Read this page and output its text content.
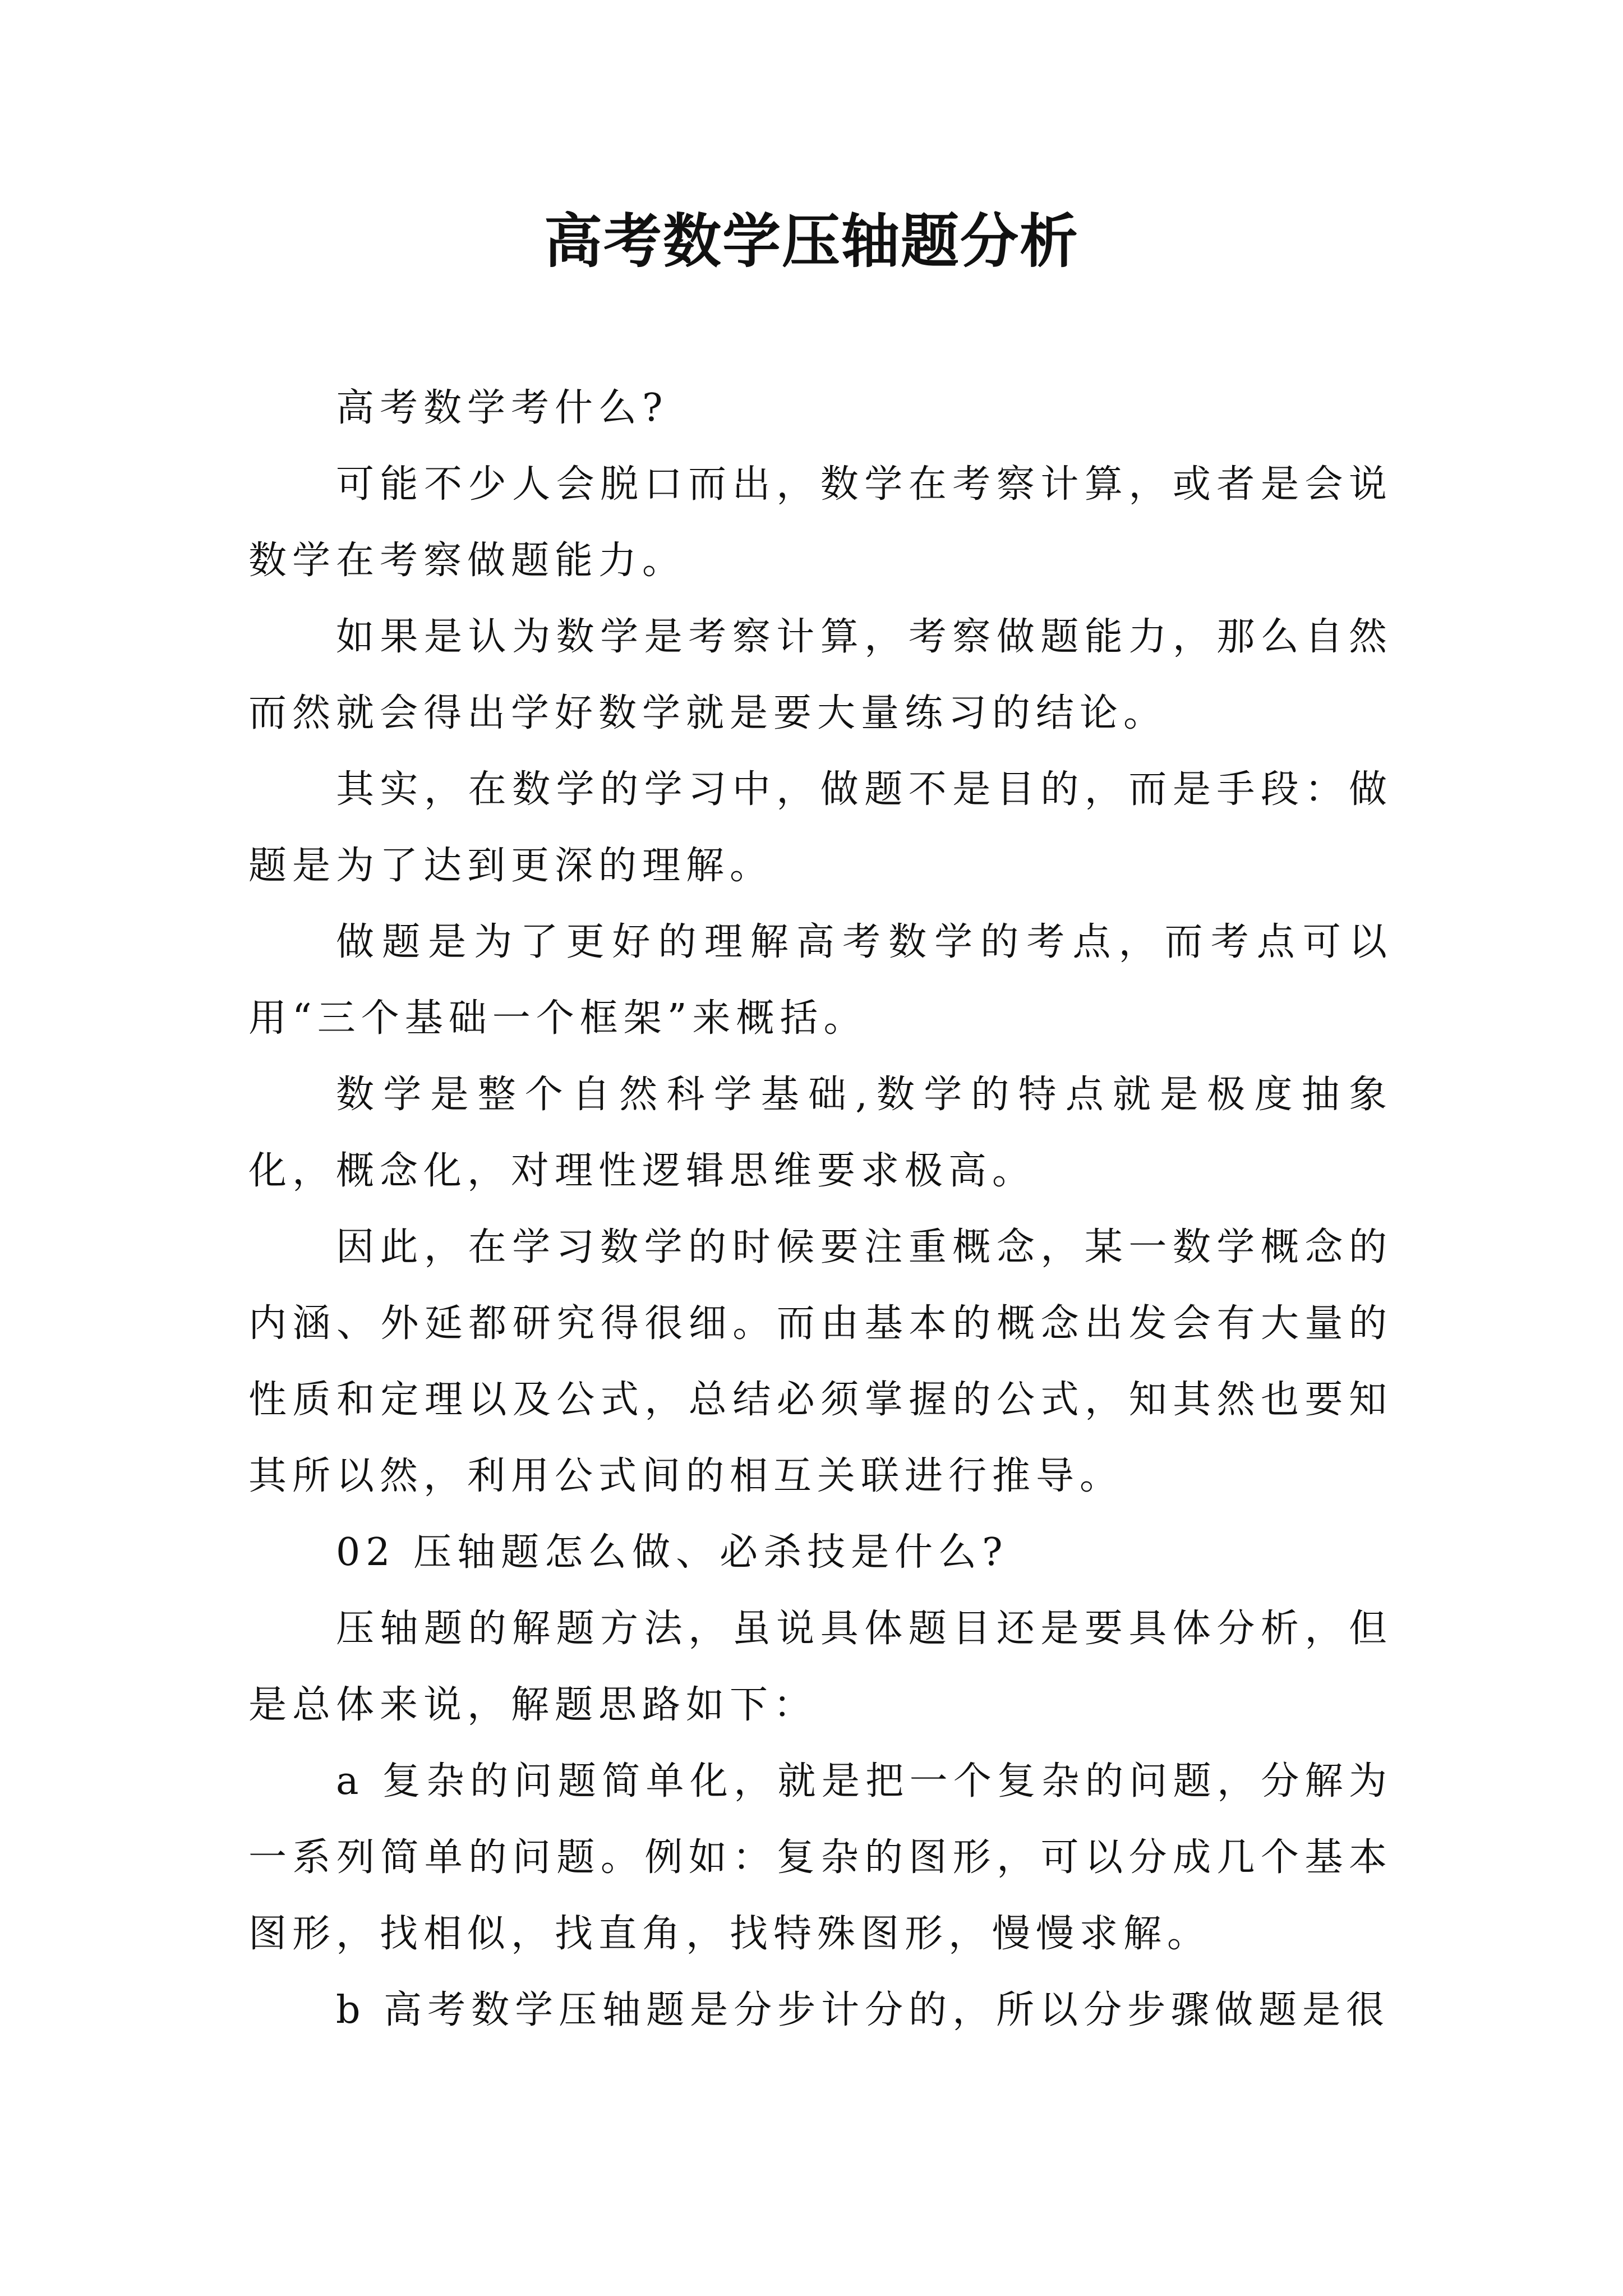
高考数学压轴题分析

高考数学考什么?

可能不少人会脱口而出，数学在考察计算，或者是会说数学在考察做题能力。

如果是认为数学是考察计算，考察做题能力，那么自然而然就会得出学好数学就是要大量练习的结论。

其实，在数学的学习中，做题不是目的，而是手段：做题是为了达到更深的理解。

做题是为了更好的理解高考数学的考点，而考点可以用“三个基础一个框架”来概括。

数学是整个自然科学基础,数学的特点就是极度抽象化，概念化，对理性逻辑思维要求极高。

因此，在学习数学的时候要注重概念，某一数学概念的内涵、外延都研究得很细。而由基本的概念出发会有大量的性质和定理以及公式，总结必须掌握的公式，知其然也要知其所以然，利用公式间的相互关联进行推导。

02 压轴题怎么做、必杀技是什么?

压轴题的解题方法，虽说具体题目还是要具体分析，但是总体来说，解题思路如下：

a 复杂的问题简单化，就是把一个复杂的问题，分解为一系列简单的问题。例如：复杂的图形，可以分成几个基本图形，找相似，找直角，找特殊图形，慢慢求解。

b 高考数学压轴题是分步计分的，所以分步骤做题是很
